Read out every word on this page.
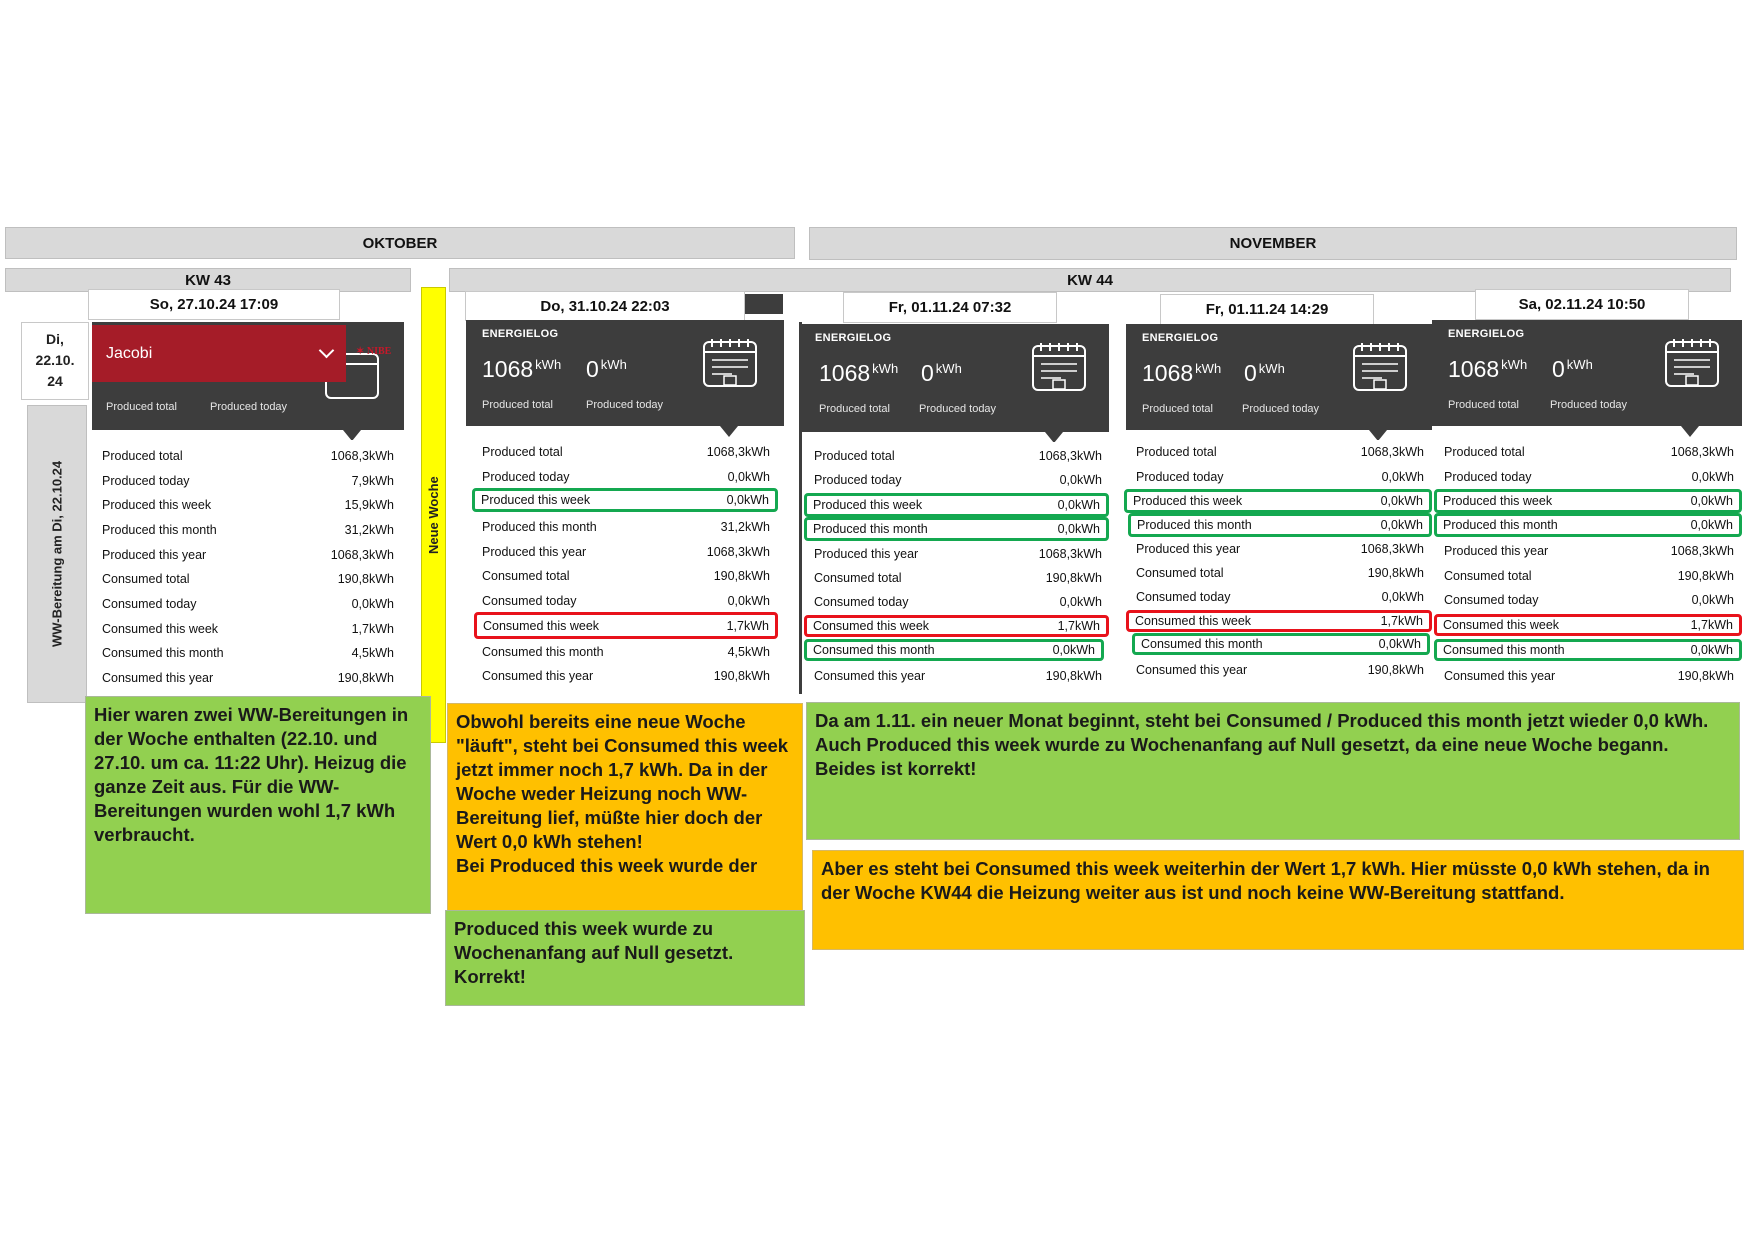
OKTOBER	NOVEMBER
KW 43	KW 44
Neue Woche
WW-Bereitung am Di, 22.10.24
Di,
22.10.
24
So, 27.10.24 17:09
Produced total	Produced today
Jacobi	✶ NIBE
Produced total	1068,3kWh
Produced today	7,9kWh
Produced this week	15,9kWh
Produced this month	31,2kWh
Produced this year	1068,3kWh
Consumed total	190,8kWh
Consumed today	0,0kWh
Consumed this week	1,7kWh
Consumed this month	4,5kWh
Consumed this year	190,8kWh
Do, 31.10.24 22:03
ENERGIELOG
1068 $^{kWh}$ 0 $^{kWh}$
Produced total	Produced today
Produced total	1068,3kWh
Produced today	0,0kWh
Produced this week	0,0kWh
Produced this month	31,2kWh
Produced this year	1068,3kWh
Consumed total	190,8kWh
Consumed today	0,0kWh
Consumed this week	1,7kWh
Consumed this month	4,5kWh
Consumed this year	190,8kWh
Fr, 01.11.24 07:32
ENERGIELOG
1068 $^{kWh}$ 0 $^{kWh}$
Produced total	Produced today
Produced total	1068,3kWh
Produced today	0,0kWh
Produced this week	0,0kWh
Produced this month	0,0kWh
Produced this year	1068,3kWh
Consumed total	190,8kWh
Consumed today	0,0kWh
Consumed this week	1,7kWh
Consumed this month	0,0kWh
Consumed this year	190,8kWh
Fr, 01.11.24 14:29
ENERGIELOG
1068 $^{kWh}$ 0 $^{kWh}$
Produced total	Produced today
Produced total	1068,3kWh
Produced today	0,0kWh
Produced this week	0,0kWh
Produced this month	0,0kWh
Produced this year	1068,3kWh
Consumed total	190,8kWh
Consumed today	0,0kWh
Consumed this week	1,7kWh
Consumed this month	0,0kWh
Consumed this year	190,8kWh
Sa, 02.11.24 10:50
ENERGIELOG
1068 $^{kWh}$ 0 $^{kWh}$
Produced total	Produced today
Produced total	1068,3kWh
Produced today	0,0kWh
Produced this week	0,0kWh
Produced this month	0,0kWh
Produced this year	1068,3kWh
Consumed total	190,8kWh
Consumed today	0,0kWh
Consumed this week	1,7kWh
Consumed this month	0,0kWh
Consumed this year	190,8kWh
Hier waren zwei WW-Bereitungen in der Woche enthalten (22.10. und 27.10. um ca. 11:22 Uhr). Heizug die ganze Zeit aus. Für die WW-Bereitungen wurden wohl 1,7 kWh verbraucht.
Obwohl bereits eine neue Woche "läuft", steht bei Consumed this week jetzt immer noch 1,7 kWh. Da in der Woche weder Heizung noch WW-Bereitung lief, müßte hier doch der Wert 0,0 kWh stehen!
Bei Produced this week wurde der
Produced this week wurde zu Wochenanfang auf Null gesetzt. Korrekt!
Da am 1.11. ein neuer Monat beginnt, steht bei Consumed / Produced this month jetzt wieder 0,0 kWh. Auch Produced this week wurde zu Wochenanfang auf Null gesetzt, da eine neue Woche begann.
Beides ist korrekt!
Aber es steht bei Consumed this week weiterhin der Wert 1,7 kWh. Hier müsste 0,0 kWh stehen, da in der Woche KW44 die Heizung weiter aus ist und noch keine WW-Bereitung stattfand.
